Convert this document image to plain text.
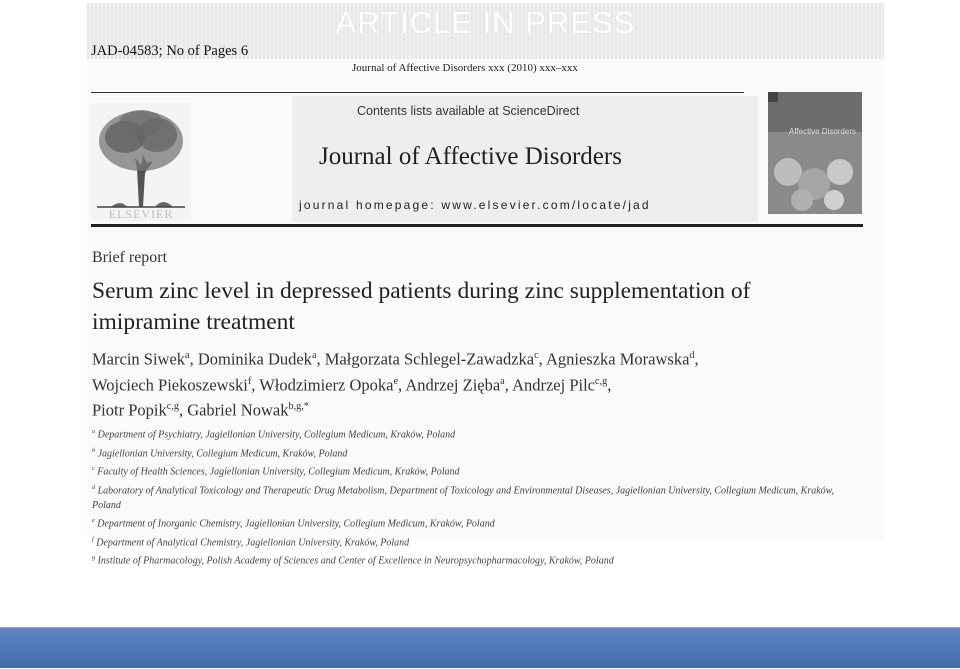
ARTICLE IN PRESS
JAD-04583; No of Pages 6
Journal of Affective Disorders xxx (2010) xxx–xxx
Contents lists available at ScienceDirect
Journal of Affective Disorders
journal homepage: www.elsevier.com/locate/jad
ELSEVIER
Affective Disorders
Brief report
Serum zinc level in depressed patients during zinc supplementation of imipramine treatment
Marcin Siwek$^a$, Dominika Dudek$^a$, Małgorzata Schlegel-Zawadzka$^c$, Agnieszka Morawska$^d$,
Wojciech Piekoszewski$^f$, Włodzimierz Opoka$^e$, Andrzej Zięba$^a$, Andrzej Pilc$^{c,g}$,
Piotr Popik$^{c,g}$, Gabriel Nowak$^{b,g,*}$
$^a$ Department of Psychiatry, Jagiellonian University, Collegium Medicum, Kraków, Poland
$^b$ Jagiellonian University, Collegium Medicum, Kraków, Poland
$^c$ Faculty of Health Sciences, Jagiellonian University, Collegium Medicum, Kraków, Poland
$^d$ Laboratory of Analytical Toxicology and Therapeutic Drug Metabolism, Department of Toxicology and Environmental Diseases, Jagiellonian University, Collegium Medicum, Kraków, Poland
$^e$ Department of Inorganic Chemistry, Jagiellonian University, Collegium Medicum, Kraków, Poland
$^f$ Department of Analytical Chemistry, Jagiellonian University, Kraków, Poland
$^g$ Institute of Pharmacology, Polish Academy of Sciences and Center of Excellence in Neuropsychopharmacology, Kraków, Poland
